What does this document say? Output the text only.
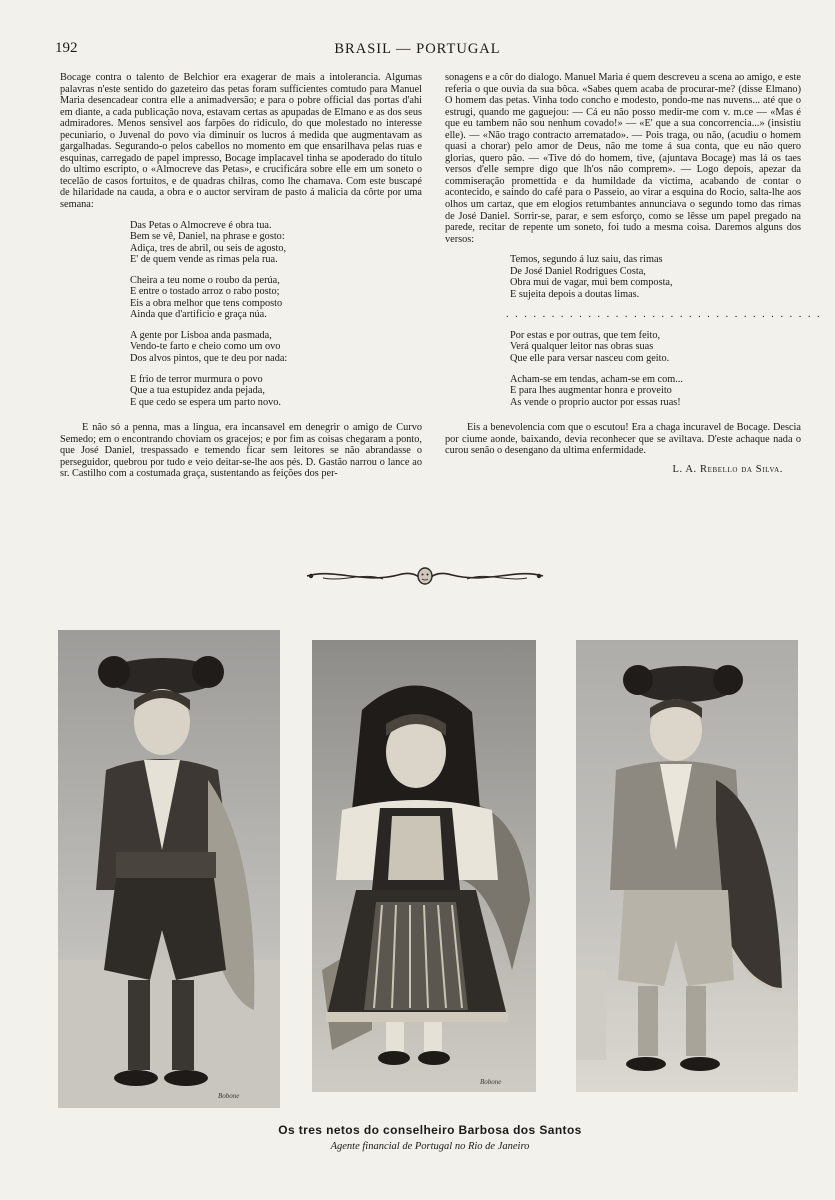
192	BRASIL — PORTUGAL

Bocage contra o talento de Belchior era exagerar de mais a intolerancia. Algumas palavras n'este sentido do gazeteiro das petas foram sufficientes comtudo para Manuel Maria desencadear contra elle a animadversão; e para o pobre official das portas d'ahi em diante, a cada publicação nova, estavam certas as apupadas de Elmano e as dos seus admiradores. Menos sensivel aos farpões do ridiculo, do que molestado no interesse pecuniario, o Juvenal do povo via diminuir os lucros á medida que augmentavam as gargalhadas. Segurando-o pelos cabellos no momento em que ensarilhava pelas ruas e esquinas, carregado de papel impresso, Bocage implacavel tinha se apoderado do titulo do ultimo escripto, o «Almocreve das Petas», e crucificára sobre elle em um soneto o tecelão de casos fortuitos, e de quadras chilras, como lhe chamava. Com este buscapé de hilaridade na cauda, a obra e o auctor serviram de pasto á malicia da côrte por uma semana:

Das Petas o Almocreve é obra tua.
Bem se vê, Daniel, na phrase e gosto:
Adiça, tres de abril, ou seis de agosto,
E' de quem vende as rimas pela rua.
Cheira a teu nome o roubo da perúa,
E entre o tostado arroz o rabo posto;
Eis a obra melhor que tens composto
Ainda que d'artificio e graça núa.
A gente por Lisboa anda pasmada,
Vendo-te farto e cheio como um ovo
Dos alvos pintos, que te deu por nada:
E frio de terror murmura o povo
Que a tua estupidez anda pejada,
E que cedo se espera um parto novo.

E não só a penna, mas a lingua, era incansavel em denegrir o amigo de Curvo Semedo; em o encontrando choviam os gracejos; e por fim as coisas chegaram a ponto, que José Daniel, trespassado e temendo ficar sem leitores se não abrandasse o perseguidor, quebrou por tudo e veio deitar-se-lhe aos pés. D. Gastão narrou o lance ao sr. Castilho com a costumada graça, sustentando as feições dos per-

sonagens e a côr do dialogo. Manuel Maria é quem descreveu a scena ao amigo, e este referia o que ouvia da sua bôca. «Sabes quem acaba de procurar-me? (disse Elmano) O homem das petas. Vinha todo concho e modesto, pondo-me nas nuvens... até que o estrugi, quando me gaguejou: — Cá eu não posso medir-me com v. m.ce — «Mas é que eu tambem não sou nenhum covado!» — «E' que a sua concorrencia...» (insistiu elle). — «Não trago contracto arrematado». — Pois traga, ou não, (acudiu o homem quasi a chorar) pelo amor de Deus, não me tome á sua conta, que eu não quero glorias, quero pão. — «Tive dó do homem, tive, (ajuntava Bocage) mas lá os taes versos d'elle sempre digo que lh'os não comprem». — Logo depois, apezar da commiseração promettida e da humildade da victima, acabando de contar o acontecido, e saindo do café para o Passeio, ao virar a esquina do Rocio, salta-lhe aos olhos um cartaz, que em elogios retumbantes annunciava o segundo tomo das rimas de José Daniel. Sorrir-se, parar, e sem esforço, como se lêsse um papel pregado na parede, recitar de repente um soneto, foi tudo a mesma coisa. Daremos alguns dos versos:

Temos, segundo á luz saiu, das rimas
De José Daniel Rodrigues Costa,
Obra mui de vagar, mui bem composta,
E sujeita depois a doutas limas.
. . . . . . . . . . . . . . . . . . . . . . . . . . . . . . . . . . .
Por estas e por outras, que tem feito,
Verá qualquer leitor nas obras suas
Que elle para versar nasceu com geito.
Acham-se em tendas, acham-se em com...
E para lhes augmentar honra e proveito
As vende o proprio auctor por essas ruas!

Eis a benevolencia com que o escutou! Era a chaga incuravel de Bocage. Descia por ciume aonde, baixando, devia reconhecer que se aviltava. D'este achaque nada o curou senão o desengano da ultima enfermidade.

L. A. Rebello da Silva.
Bobone
Bobone
Os tres netos do conselheiro Barbosa dos Santos
Agente financial de Portugal no Rio de Janeiro
